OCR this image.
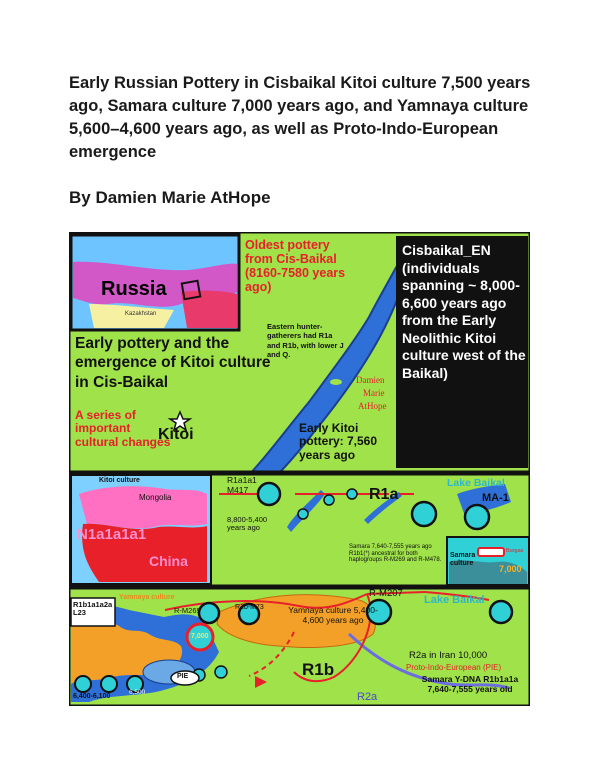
Early Russian Pottery in Cisbaikal Kitoi culture 7,500 years ago, Samara culture 7,000 years ago, and Yamnaya culture 5,600–4,600 years ago, as well as Proto-Indo-European emergence
By Damien Marie AtHope
Russia
Kazakhstan
Oldest pottery from Cis-Baikal (8160-7580 years ago)
Eastern hunter-gatherers had R1a and R1b, with lower J and Q.
Early pottery and the emergence of Kitoi culture in Cis-Baikal	Damien
Marie
AtHope
A series of important cultural changes
Kitoi	Early Kitoi pottery: 7,560 years ago
Cisbaikal_EN (individuals spanning ~ 8,000-6,600 years ago from the Early Neolithic Kitoi culture west of the Baikal)
Kitoi culture
Mongolia
N1a1a1a1
China
R1a1a1 M417
8,800-5,400 years ago
R1a
Lake Baikal
MA-1
Samara 7,640-7,555 years ago R1b1(*) ancestral for both haplogroups R-M269 and R-M478.
Samara culture
Burgas
7,000
R1b1a1a2a L23
Yamnaya culture
R-M269	R1b-M73
7,000
Yamnaya culture 5,400-4,600 years ago
R-M207
Lake Baikal
R1b
PIE
6,400-6,100
6,500
R2a in Iran 10,000
Proto-Indo-European (PIE)
Samara Y-DNA R1b1a1a 7,640-7,555 years old
R2a
